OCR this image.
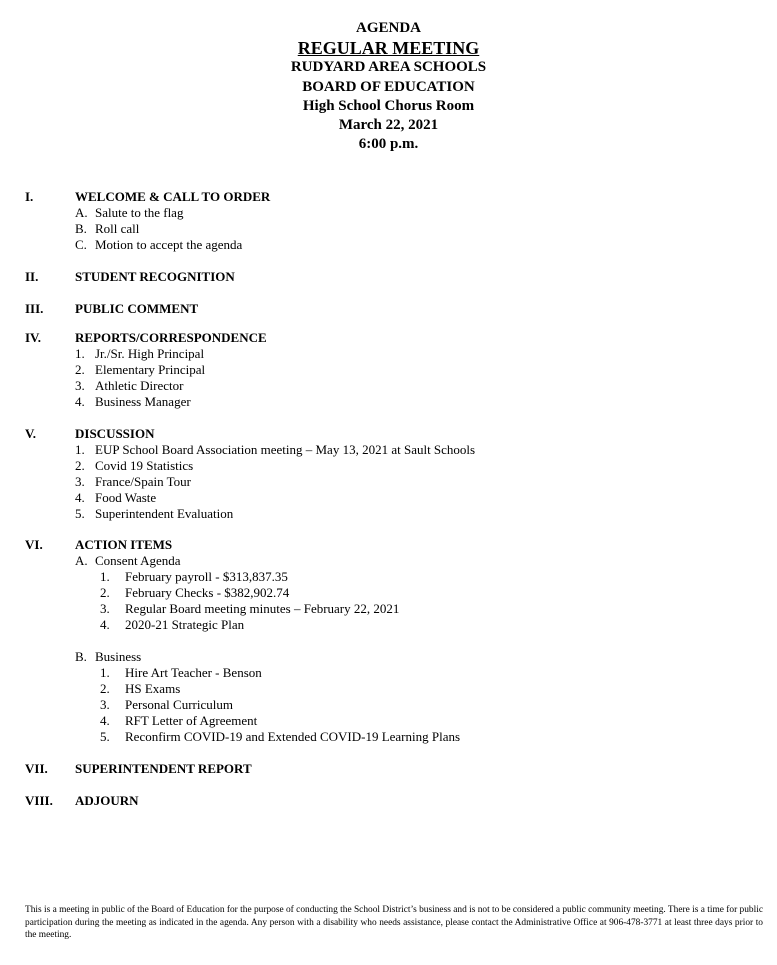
AGENDA
REGULAR MEETING
RUDYARD AREA SCHOOLS
BOARD OF EDUCATION
High School Chorus Room
March 22, 2021
6:00 p.m.
I.	WELCOME & CALL TO ORDER
A. Salute to the flag
B. Roll call
C. Motion to accept the agenda
II.	STUDENT RECOGNITION
III. PUBLIC COMMENT
IV.	REPORTS/CORRESPONDENCE
1. Jr./Sr. High Principal
2. Elementary Principal
3. Athletic Director
4. Business Manager
V.	DISCUSSION
1. EUP School Board Association meeting – May 13, 2021 at Sault Schools
2. Covid 19 Statistics
3. France/Spain Tour
4. Food Waste
5. Superintendent Evaluation
VI. ACTION ITEMS
A. Consent Agenda
1. February payroll - $313,837.35
2. February Checks - $382,902.74
3. Regular Board meeting minutes – February 22, 2021
4. 2020-21 Strategic Plan
B. Business
1. Hire Art Teacher - Benson
2. HS Exams
3. Personal Curriculum
4. RFT Letter of Agreement
5. Reconfirm COVID-19 and Extended COVID-19 Learning Plans
VII. SUPERINTENDENT REPORT
VIII. ADJOURN
This is a meeting in public of the Board of Education for the purpose of conducting the School District’s business and is not to be considered a public community meeting. There is a time for public participation during the meeting as indicated in the agenda. Any person with a disability who needs assistance, please contact the Administrative Office at 906-478-3771 at least three days prior to the meeting.
